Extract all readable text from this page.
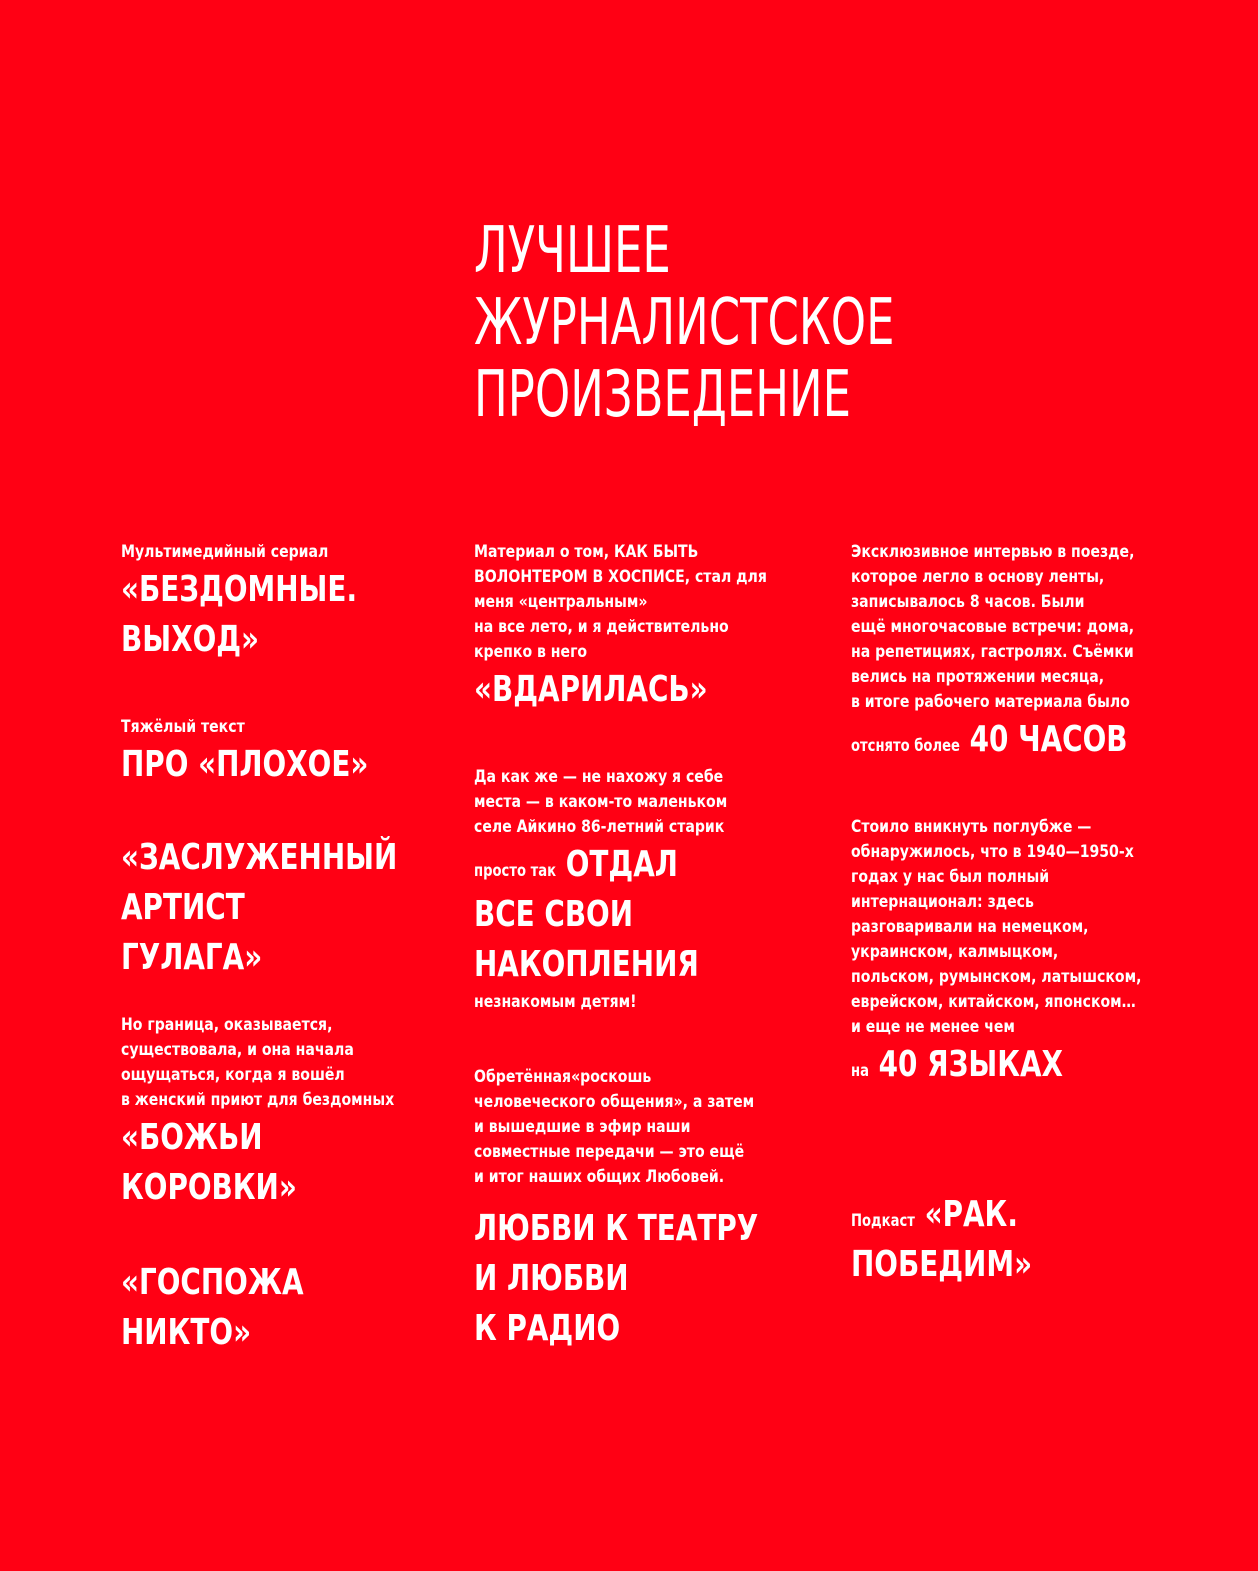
ЛУЧШЕЕ
ЖУРНАЛИСТСКОЕ
ПРОИЗВЕДЕНИЕ
Мультимедийный сериал
«БЕЗДОМНЫЕ.
ВЫХОД»
Тяжёлый текст
ПРО «ПЛОХОЕ»
«ЗАСЛУЖЕННЫЙ
АРТИСТ
ГУЛАГА»
Но граница, оказывается,
существовала, и она начала
ощущаться, когда я вошёл
в женский приют для бездомных
«БОЖЬИ
КОРОВКИ»
«ГОСПОЖА
НИКТО»
Материал о том, КАК БЫТЬ
ВОЛОНТЕРОМ В ХОСПИСЕ, стал для
меня «центральным»
на все лето, и я действительно
крепко в него
«ВДАРИЛАСЬ»
Да как же — не нахожу я себе
места — в каком-то маленьком
селе Айкино 86-летний старик
просто так ОТДАЛ
ВСЕ СВОИ
НАКОПЛЕНИЯ
незнакомым детям!
Обретённая«роскошь
человеческого общения», а затем
и вышедшие в эфир наши
совместные передачи — это ещё
и итог наших общих Любовей.
ЛЮБВИ К ТЕАТРУ
И ЛЮБВИ
К РАДИО
Эксклюзивное интервью в поезде,
которое легло в основу ленты,
записывалось 8 часов. Были
ещё многочасовые встречи: дома,
на репетициях, гастролях. Съёмки
велись на протяжении месяца,
в итоге рабочего материала было
отснято более 40 ЧАСОВ
Стоило вникнуть поглубже —
обнаружилось, что в 1940—1950-х
годах у нас был полный
интернационал: здесь
разговаривали на немецком,
украинском, калмыцком,
польском, румынском, латышском,
еврейском, китайском, японском…
и еще не менее чем
на 40 ЯЗЫКАХ
Подкаст «РАК.
ПОБЕДИМ»
